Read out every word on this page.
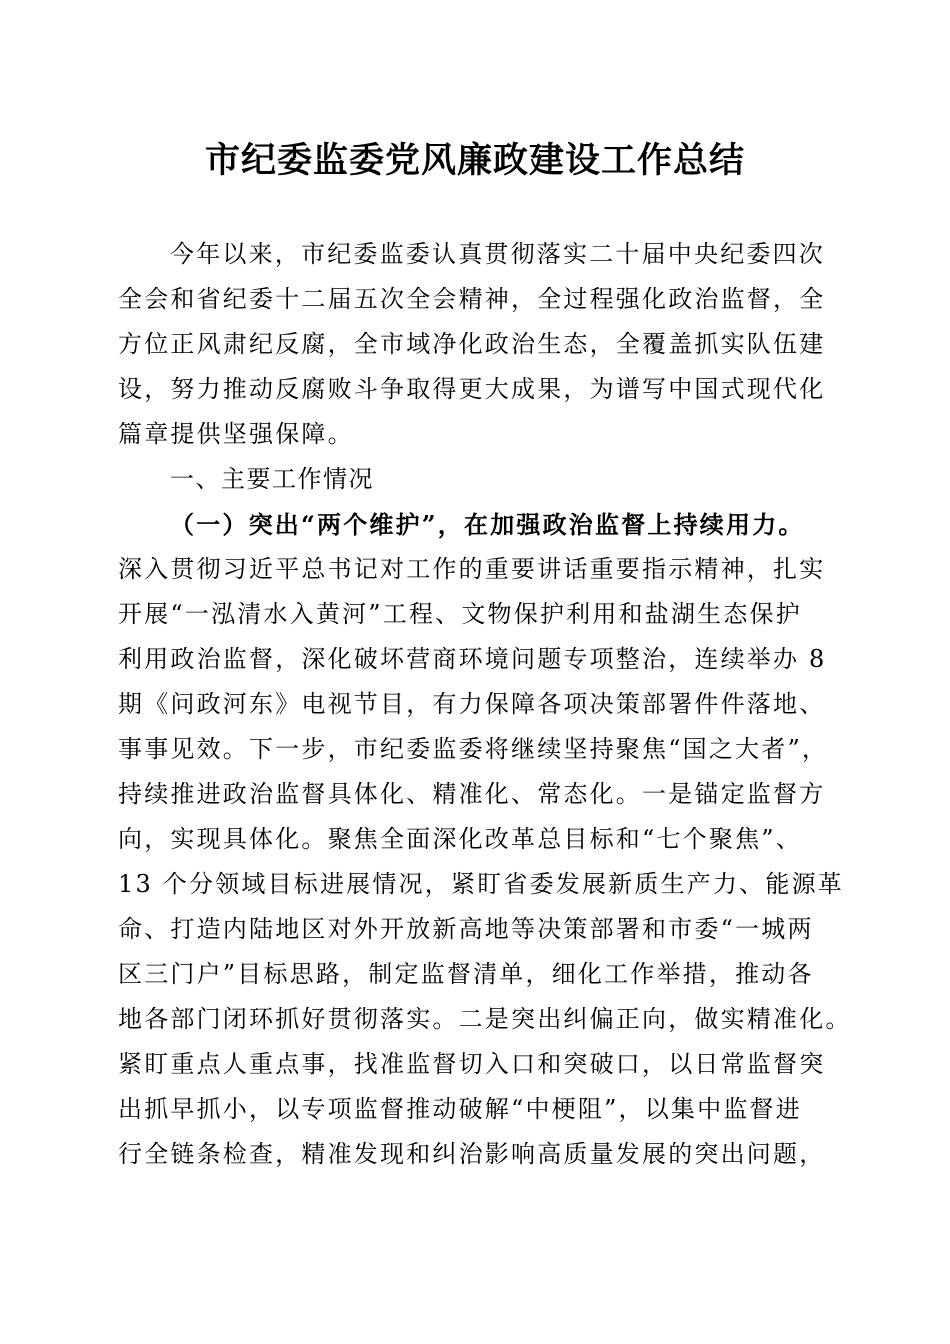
市纪委监委党风廉政建设工作总结
今年以来，市纪委监委认真贯彻落实二十届中央纪委四次
全会和省纪委十二届五次全会精神，全过程强化政治监督，全
方位正风肃纪反腐，全市域净化政治生态，全覆盖抓实队伍建
设，努力推动反腐败斗争取得更大成果，为谱写中国式现代化
篇章提供坚强保障。
一、主要工作情况
（一）突出“两个维护”，在加强政治监督上持续用力。
深入贯彻习近平总书记对工作的重要讲话重要指示精神，扎实
开展“一泓清水入黄河”工程、文物保护利用和盐湖生态保护
利用政治监督，深化破坏营商环境问题专项整治，连续举办 8
期《问政河东》电视节目，有力保障各项决策部署件件落地、
事事见效。下一步，市纪委监委将继续坚持聚焦“国之大者”，
持续推进政治监督具体化、精准化、常态化。一是锚定监督方
向，实现具体化。聚焦全面深化改革总目标和“七个聚焦”、
13 个分领域目标进展情况，紧盯省委发展新质生产力、能源革
命、打造内陆地区对外开放新高地等决策部署和市委“一城两
区三门户”目标思路，制定监督清单，细化工作举措，推动各
地各部门闭环抓好贯彻落实。二是突出纠偏正向，做实精准化。
紧盯重点人重点事，找准监督切入口和突破口，以日常监督突
出抓早抓小，以专项监督推动破解“中梗阻”，以集中监督进
行全链条检查，精准发现和纠治影响高质量发展的突出问题，
